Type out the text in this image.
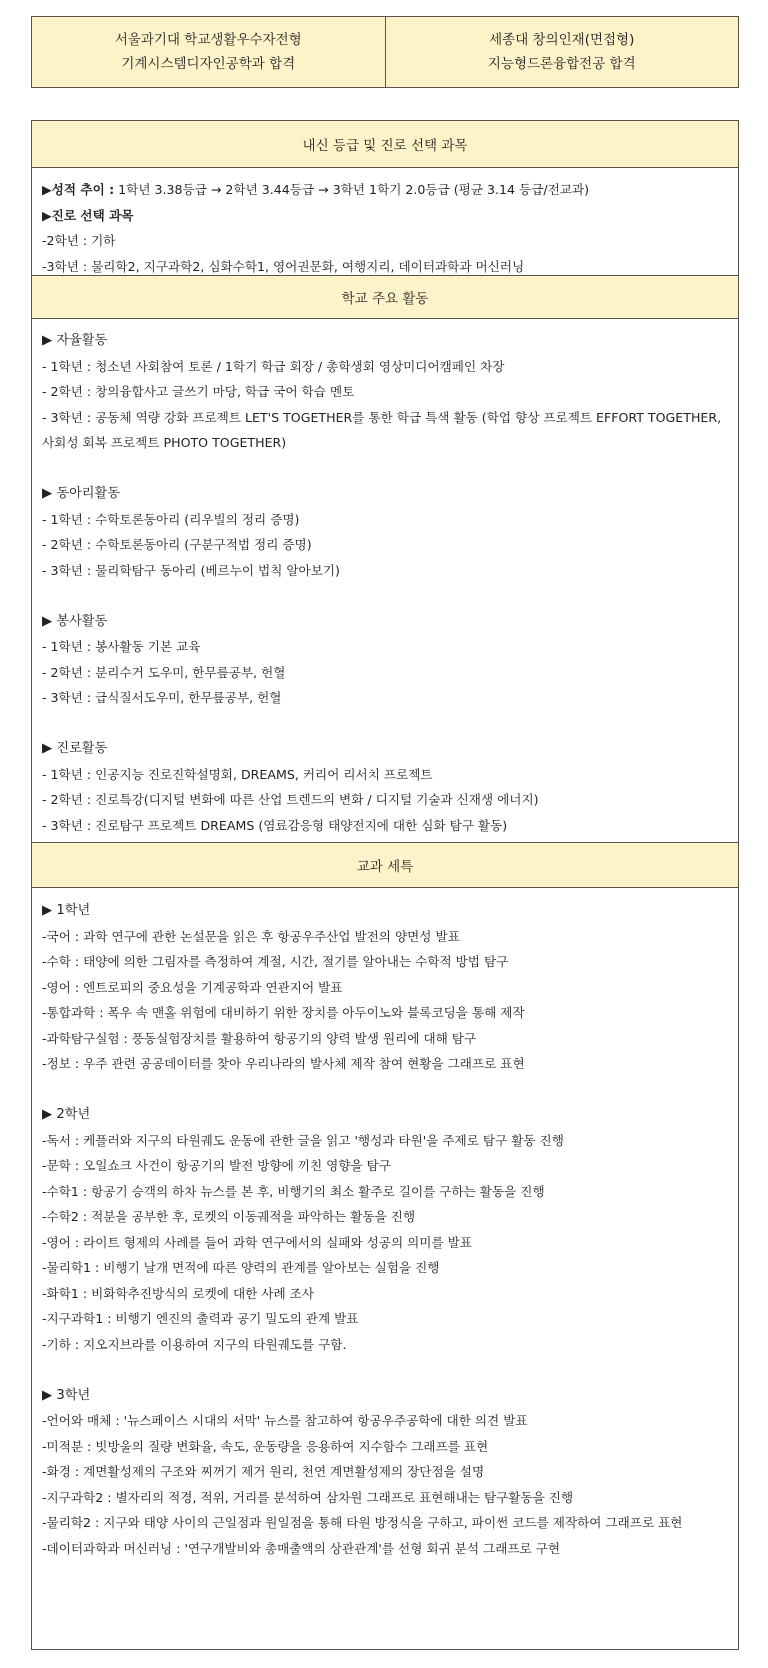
서울과기대 학교생활우수자전형
기계시스템디자인공학과 합격
세종대 창의인재(면접형)
지능형드론융합전공 합격
내신 등급 및 진로 선택 과목
▶성적 추이 : 1학년 3.38등급 → 2학년 3.44등급 → 3학년 1학기 2.0등급 (평균 3.14 등급/전교과)
▶진로 선택 과목
-2학년 : 기하
-3학년 : 물리학2, 지구과학2, 심화수학1, 영어권문화, 여행지리, 데이터과학과 머신러닝
학교 주요 활동
▶ 자율활동
- 1학년 : 청소년 사회참여 토론 / 1학기 학급 회장 / 총학생회 영상미디어캠페인 차장
- 2학년 : 창의융합사고 글쓰기 마당, 학급 국어 학습 멘토
- 3학년 : 공동체 역량 강화 프로젝트 LET'S TOGETHER를 통한 학급 특색 활동 (학업 향상 프로젝트 EFFORT TOGETHER, 사회성 회복 프로젝트 PHOTO TOGETHER)
▶ 동아리활동
- 1학년 : 수학토론동아리 (리우빌의 정리 증명)
- 2학년 : 수학토론동아리 (구분구적법 정리 증명)
- 3학년 : 물리학탐구 동아리 (베르누이 법칙 알아보기)
▶ 봉사활동
- 1학년 : 봉사활동 기본 교육
- 2학년 : 분리수거 도우미, 한무릎공부, 헌혈
- 3학년 : 급식질서도우미, 한무릎공부, 헌혈
▶ 진로활동
- 1학년 : 인공지능 진로진학설명회, DREAMS, 커리어 리서치 프로젝트
- 2학년 : 진로특강(디지털 변화에 따른 산업 트렌드의 변화 / 디지털 기술과 신재생 에너지)
- 3학년 : 진로탐구 프로젝트 DREAMS (염료감응형 태양전지에 대한 심화 탐구 활동)
교과 세특
▶ 1학년
-국어 : 과학 연구에 관한 논설문을 읽은 후 항공우주산업 발전의 양면성 발표
-수학 : 태양에 의한 그림자를 측정하여 계절, 시간, 절기를 알아내는 수학적 방법 탐구
-영어 : 엔트로피의 중요성을 기계공학과 연관지어 발표
-통합과학 : 폭우 속 맨홀 위험에 대비하기 위한 장치를 아두이노와 블록코딩을 통해 제작
-과학탐구실험 : 풍동실험장치를 활용하여 항공기의 양력 발생 원리에 대해 탐구
-정보 : 우주 관련 공공데이터를 찾아 우리나라의 발사체 제작 참여 현황을 그래프로 표현
▶ 2학년
-독서 : 케플러와 지구의 타원궤도 운동에 관한 글을 읽고 '행성과 타원'을 주제로 탐구 활동 진행
-문학 : 오일쇼크 사건이 항공기의 발전 방향에 끼친 영향을 탐구
-수학1 : 항공기 승객의 하차 뉴스를 본 후, 비행기의 최소 활주로 길이를 구하는 활동을 진행
-수학2 : 적분을 공부한 후, 로켓의 이동궤적을 파악하는 활동을 진행
-영어 : 라이트 형제의 사례를 들어 과학 연구에서의 실패와 성공의 의미를 발표
-물리학1 : 비행기 날개 면적에 따른 양력의 관계를 알아보는 실험을 진행
-화학1 : 비화학추진방식의 로켓에 대한 사례 조사
-지구과학1 : 비행기 엔진의 출력과 공기 밀도의 관계 발표
-기하 : 지오지브라를 이용하여 지구의 타원궤도를 구함.
▶ 3학년
-언어와 매체 : '뉴스페이스 시대의 서막' 뉴스를 참고하여 항공우주공학에 대한 의견 발표
-미적분 : 빗방울의 질량 변화율, 속도, 운동량을 응용하여 지수함수 그래프를 표현
-화경 : 계면활성제의 구조와 찌꺼기 제거 원리, 천연 계면활성제의 장단점을 설명
-지구과학2 : 별자리의 적경, 적위, 거리를 분석하여 삼차원 그래프로 표현해내는 탐구활동을 진행
-물리학2 : 지구와 태양 사이의 근일점과 원일점을 통해 타원 방정식을 구하고, 파이썬 코드를 제작하여 그래프로 표현
-데이터과학과 머신러닝 : '연구개발비와 총매출액의 상관관계'를 선형 회귀 분석 그래프로 구현
